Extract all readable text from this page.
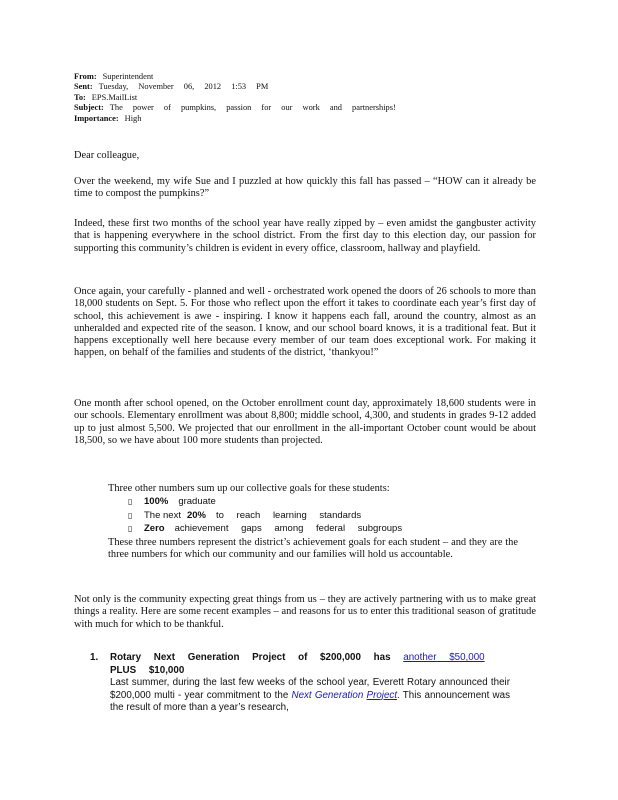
From: Superintendent
Sent: Tuesday, November 06, 2012 1:53 PM
To: EPS.MailList
Subject: The power of pumpkins, passion for our work and partnerships!
Importance: High

Dear colleague,

Over the weekend, my wife Sue and I puzzled at how quickly this fall has passed – “HOW can it already be time to compost the pumpkins?”

Indeed, these first two months of the school year have really zipped by – even amidst the gangbuster activity that is happening everywhere in the school district. From the first day to this election day, our passion for supporting this community’s children is evident in every office, classroom, hallway and playfield.

Once again, your carefully - planned and well - orchestrated work opened the doors of 26 schools to more than 18,000 students on Sept. 5. For those who reflect upon the effort it takes to coordinate each year’s first day of school, this achievement is awe - inspiring. I know it happens each fall, around the country, almost as an unheralded and expected rite of the season. I know, and our school board knows, it is a traditional feat. But it happens exceptionally well here because every member of our team does exceptional work. For making it happen, on behalf of the families and students of the district, ‘thankyou!”

One month after school opened, on the October enrollment count day, approximately 18,600 students were in our schools. Elementary enrollment was about 8,800; middle school, 4,300, and students in grades 9-12 added up to just almost 5,500. We projected that our enrollment in the all-important October count would be about 18,500, so we have about 100 more students than projected.

Three other numbers sum up our collective goals for these students:

▯ 100% graduate
▯ The next 20% to reach learning standards
▯ Zero achievement gaps among federal subgroups

These three numbers represent the district’s achievement goals for each student – and they are the three numbers for which our community and our families will hold us accountable.

Not only is the community expecting great things from us – they are actively partnering with us to make great things a reality. Here are some recent examples – and reasons for us to enter this traditional season of gratitude with much for which to be thankful.

1. Rotary Next Generation Project of $200,000 has another $50,000 PLUS $10,000
Last summer, during the last few weeks of the school year, Everett Rotary announced their $200,000 multi - year commitment to the Next Generation Project. This announcement was the result of more than a year’s research,
